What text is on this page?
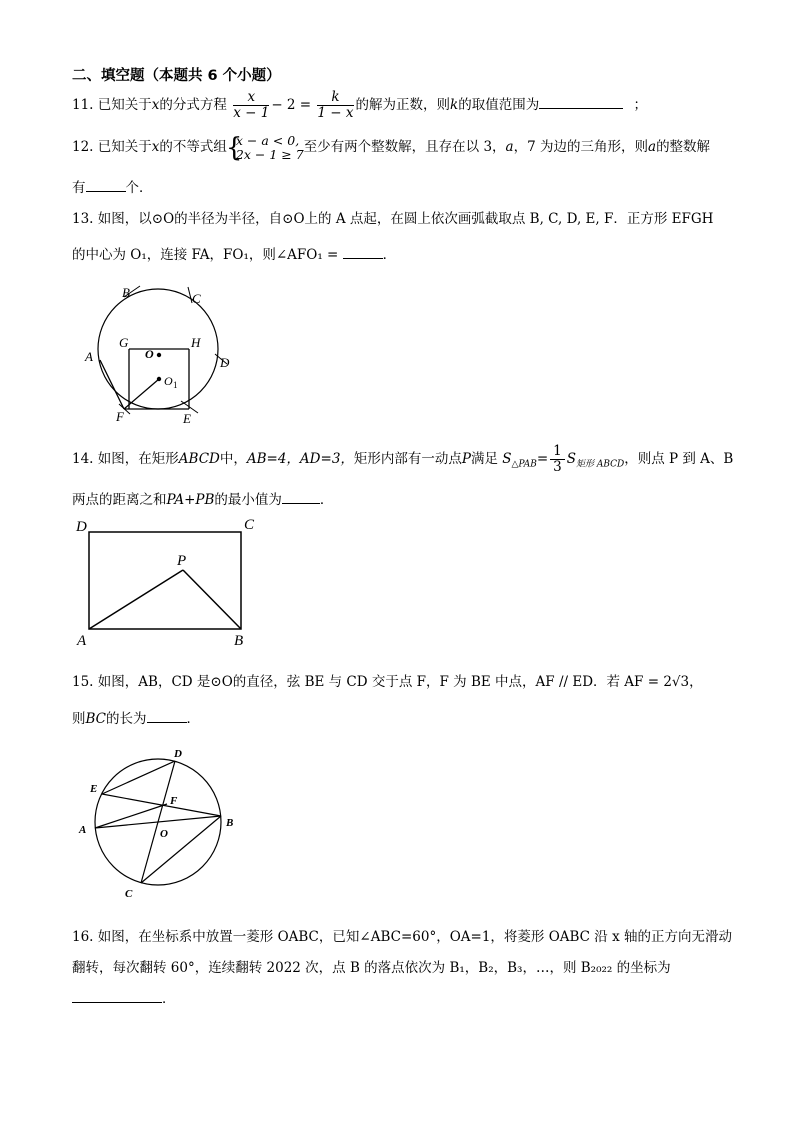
二、填空题（本题共 6 个小题）
11. 已知关于x的分式方程 $\frac{x}{x - 1} - 2 = \frac{k}{1 - x}$ 的解为正数，则k的取值范围为	；
12. 已知关于x的不等式组
{ x − a < 0,
2x − 1 ≥ 7 至少有两个整数解，且存在以 3，a，7 为边的三角形，则a的整数解
有	个．
13. 如图，以⊙O的半径为半径，自⊙O上的 A 点起，在圆上依次画弧截取点 B, C, D, E, F．正方形 EFGH
的中心为 O₁，连接 FA，FO₁，则∠AFO₁ =	．
B	C
A	D
G	H
O
O 1
F	E
14. 如图，在矩形ABCD中，AB=4，AD=3，矩形内部有一动点P满足 $S_{\triangle PAB}= \frac{1}{3} S_{矩形 ABCD}$，则点 P 到 A、B
两点的距离之和PA+PB的最小值为	．
D	C
P
A	B
15. 如图，AB，CD 是⊙O的直径，弦 BE 与 CD 交于点 F，F 为 BE 中点，AF // ED．若 AF = 2√3，
则BC的长为	．
D
E
F
A	O
B
C
16. 如图，在坐标系中放置一菱形 OABC，已知∠ABC=60°，OA=1，将菱形 OABC 沿 x 轴的正方向无滑动
翻转，每次翻转 60°，连续翻转 2022 次，点 B 的落点依次为 B₁，B₂，B₃，…，则 B₂₀₂₂ 的坐标为
．
